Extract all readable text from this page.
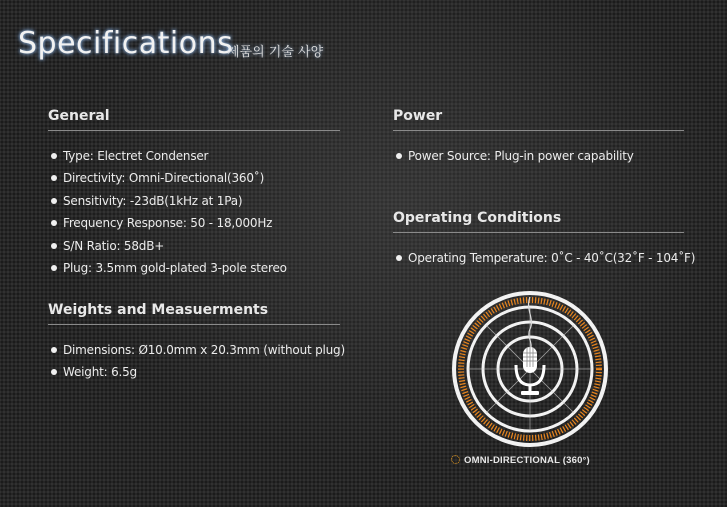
Specifications
제품의 기술 사양
General
Type: Electret Condenser
Directivity: Omni-Directional(360˚)
Sensitivity: -23dB(1kHz at 1Pa)
Frequency Response: 50 - 18,000Hz
S/N Ratio: 58dB+
Plug: 3.5mm gold-plated 3-pole stereo
Weights and Measuerments
Dimensions: Ø10.0mm x 20.3mm (without plug)
Weight: 6.5g
Power
Power Source: Plug-in power capability
Operating Conditions
Operating Temperature: 0˚C - 40˚C(32˚F - 104˚F)
OMNI-DIRECTIONAL (360°)
